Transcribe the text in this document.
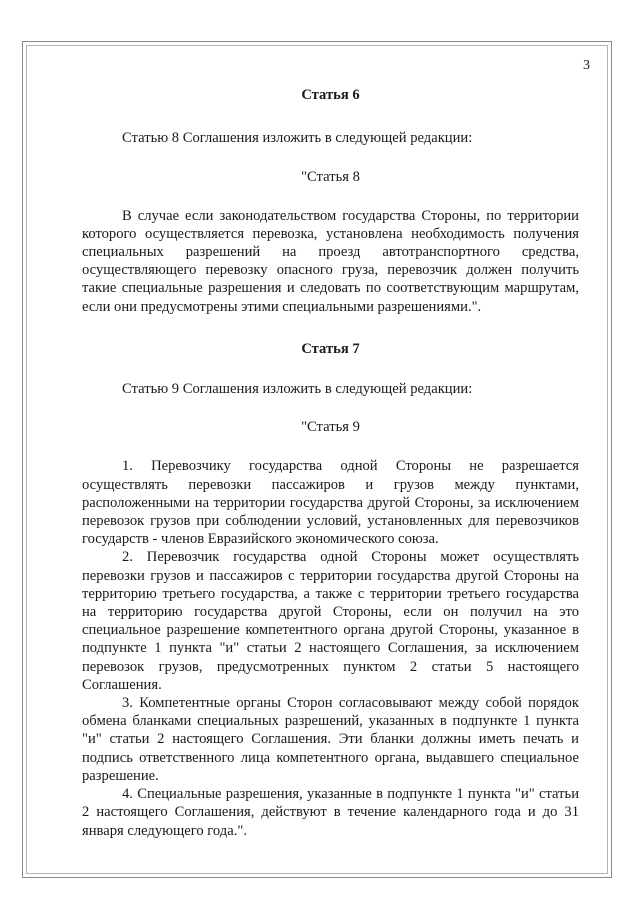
3

Статья 6

Статью 8 Соглашения изложить в следующей редакции:

"Статья 8

В случае если законодательством государства Стороны, по территории которого осуществляется перевозка, установлена необходимость получения специальных разрешений на проезд автотранспортного средства, осуществляющего перевозку опасного груза, перевозчик должен получить такие специальные разрешения и следовать по соответствующим маршрутам, если они предусмотрены этими специальными разрешениями.".

Статья 7

Статью 9 Соглашения изложить в следующей редакции:

"Статья 9

1. Перевозчику государства одной Стороны не разрешается осуществлять перевозки пассажиров и грузов между пунктами, расположенными на территории государства другой Стороны, за исключением перевозок грузов при соблюдении условий, установленных для перевозчиков государств - членов Евразийского экономического союза.

2. Перевозчик государства одной Стороны может осуществлять перевозки грузов и пассажиров с территории государства другой Стороны на территорию третьего государства, а также с территории третьего государства на территорию государства другой Стороны, если он получил на это специальное разрешение компетентного органа другой Стороны, указанное в подпункте 1 пункта "и" статьи 2 настоящего Соглашения, за исключением перевозок грузов, предусмотренных пунктом 2 статьи 5 настоящего Соглашения.

3. Компетентные органы Сторон согласовывают между собой порядок обмена бланками специальных разрешений, указанных в подпункте 1 пункта "и" статьи 2 настоящего Соглашения. Эти бланки должны иметь печать и подпись ответственного лица компетентного органа, выдавшего специальное разрешение.

4. Специальные разрешения, указанные в подпункте 1 пункта "и" статьи 2 настоящего Соглашения, действуют в течение календарного года и до 31 января следующего года.".
